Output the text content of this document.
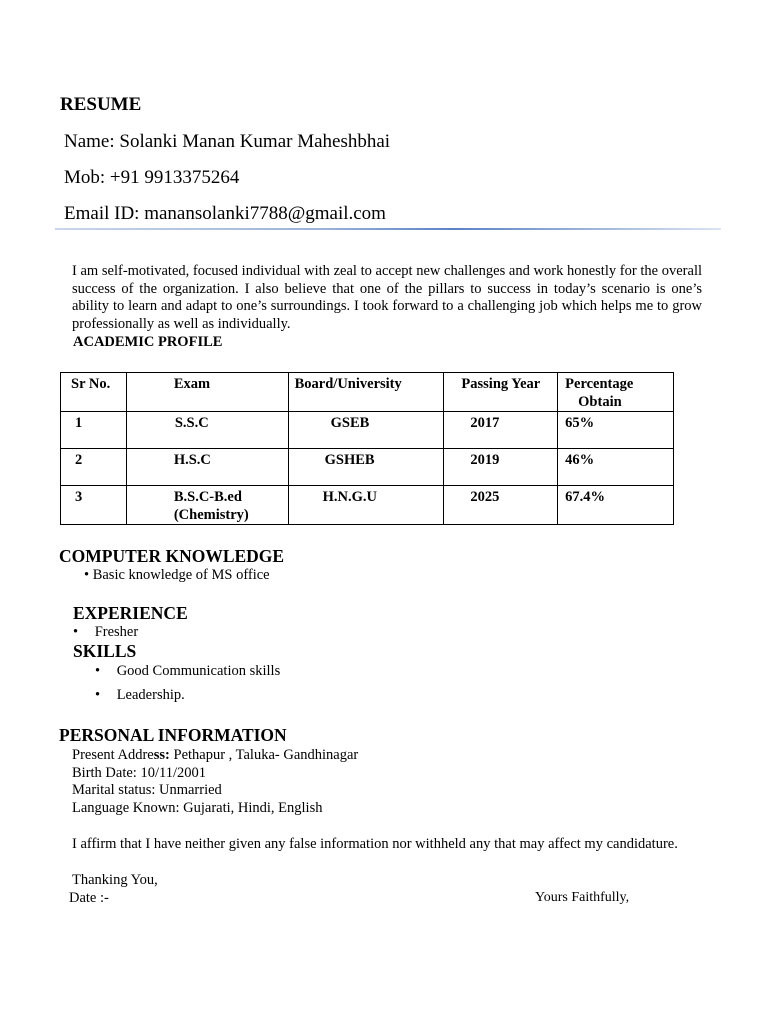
RESUME
Name: Solanki Manan Kumar Maheshbhai
Mob: +91 9913375264
Email ID: manansolanki7788@gmail.com
I am self-motivated, focused individual with zeal to accept new challenges and work honestly for the overall success of the organization. I also believe that one of the pillars to success in today’s scenario is one’s ability to learn and adapt to one’s surroundings. I took forward to a challenging job which helps me to grow professionally as well as individually.
ACADEMIC PROFILE
Sr No.	Exam	Board/University	Passing Year	Percentage
Obtain

1	S.S.C	GSEB	2017	65%

2	H.S.C	GSHEB	2019	46%

3	B.S.C-B.ed
(Chemistry)	H.N.G.U	2025	67.4%
COMPUTER KNOWLEDGE
• Basic knowledge of MS office
EXPERIENCE
• Fresher
SKILLS
• Good Communication skills
• Leadership.
PERSONAL INFORMATION
Present Address: Pethapur , Taluka- Gandhinagar
Birth Date: 10/11/2001
Marital status: Unmarried
Language Known: Gujarati, Hindi, English
I affirm that I have neither given any false information nor withheld any that may affect my candidature.
Thanking You,
Date :-	Yours Faithfully,
